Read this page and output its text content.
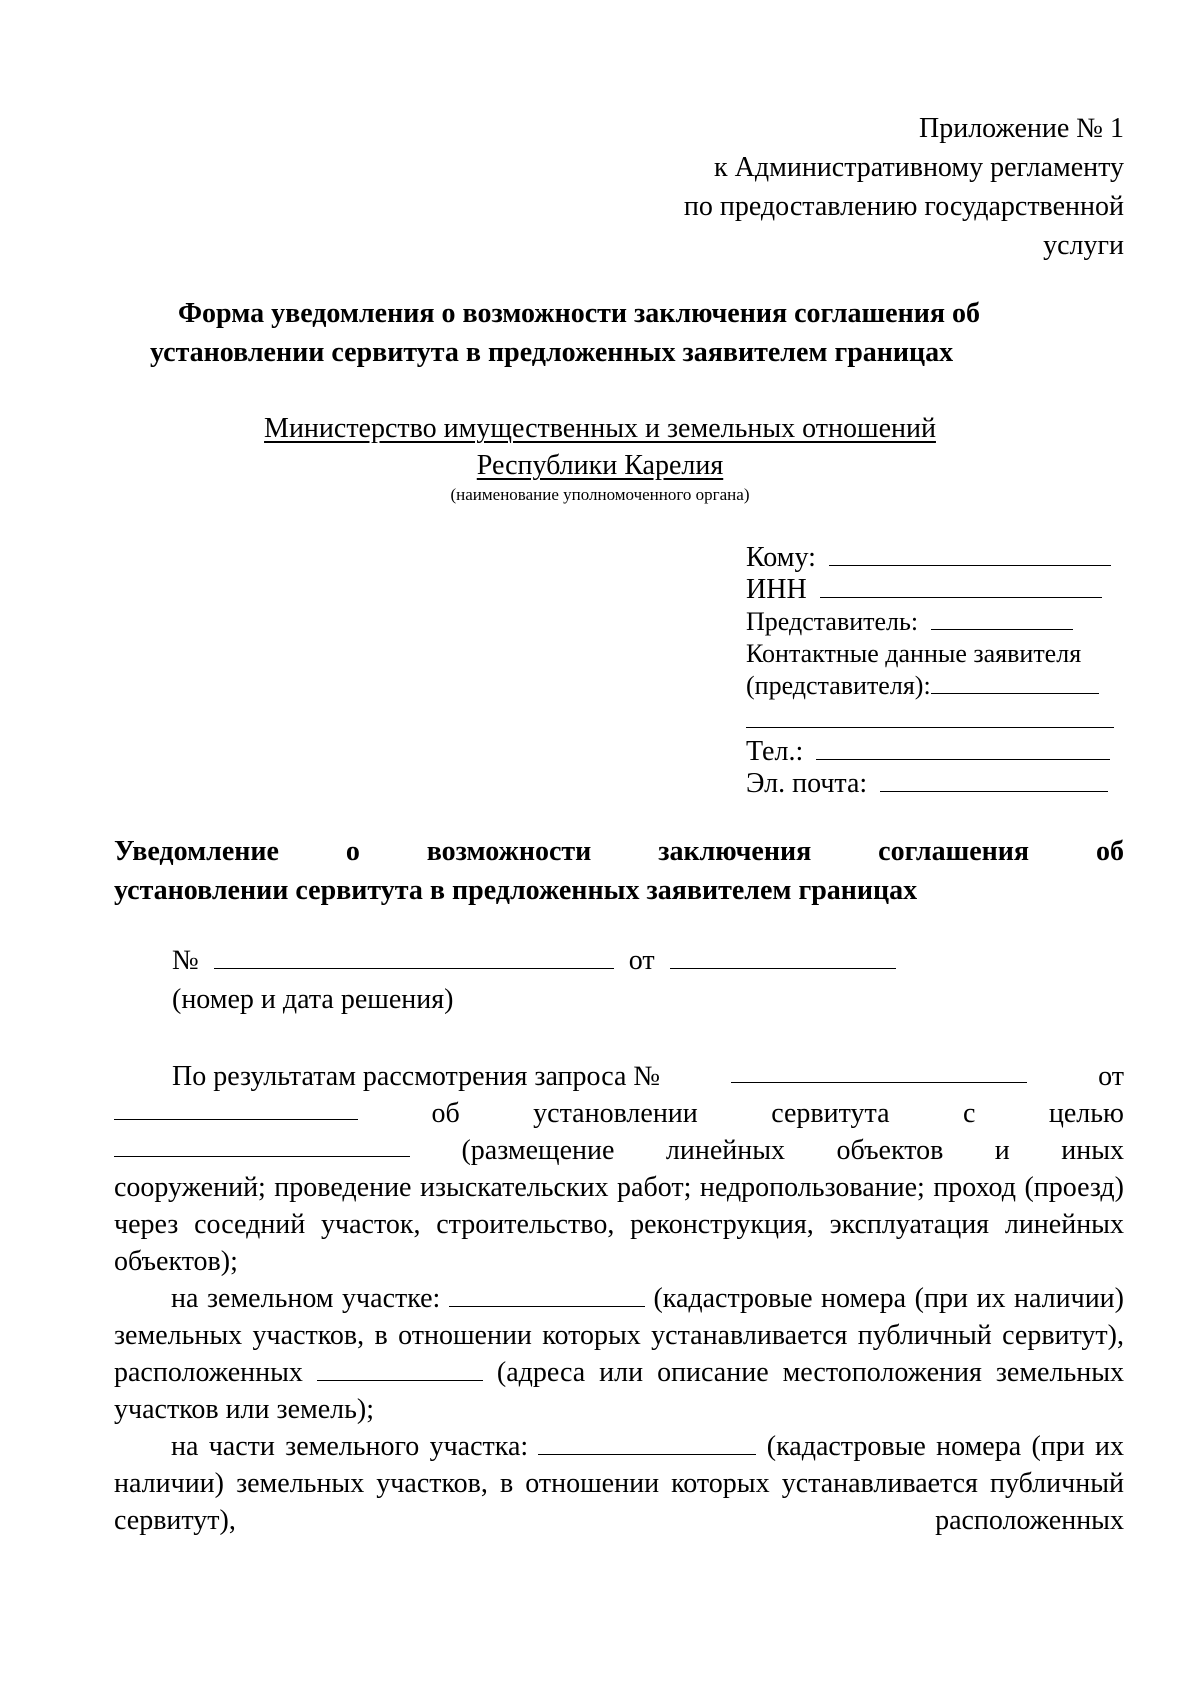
Приложение № 1
к Административному регламенту
по предоставлению государственной
услуги
Форма уведомления о возможности заключения соглашения об
установлении сервитута в предложенных заявителем границах
Министерство имущественных и земельных отношений
Республики Карелия
(наименование уполномоченного органа)
Кому:
ИНН
Представитель:
Контактные данные заявителя
(представителя):
Тел.:
Эл. почта:
Уведомление о возможности заключения соглашения об
установлении сервитута в предложенных заявителем границах
№	от
(номер и дата решения)
По результатам рассмотрения запроса №	от
об	установлении	сервитута	с	целью
(размещение линейных объектов и иных

сооружений; проведение изыскательских работ; недропользование; проход (проезд) через соседний участок, строительство, реконструкция, эксплуатация линейных объектов);

на земельном участке:	(кадастровые номера (при их наличии) земельных участков, в отношении которых устанавливается публичный сервитут), расположенных	(адреса или описание местоположения земельных участков или земель);

на части земельного участка:	(кадастровые номера (при их наличии) земельных участков, в отношении которых устанавливается публичный сервитут), расположенных
